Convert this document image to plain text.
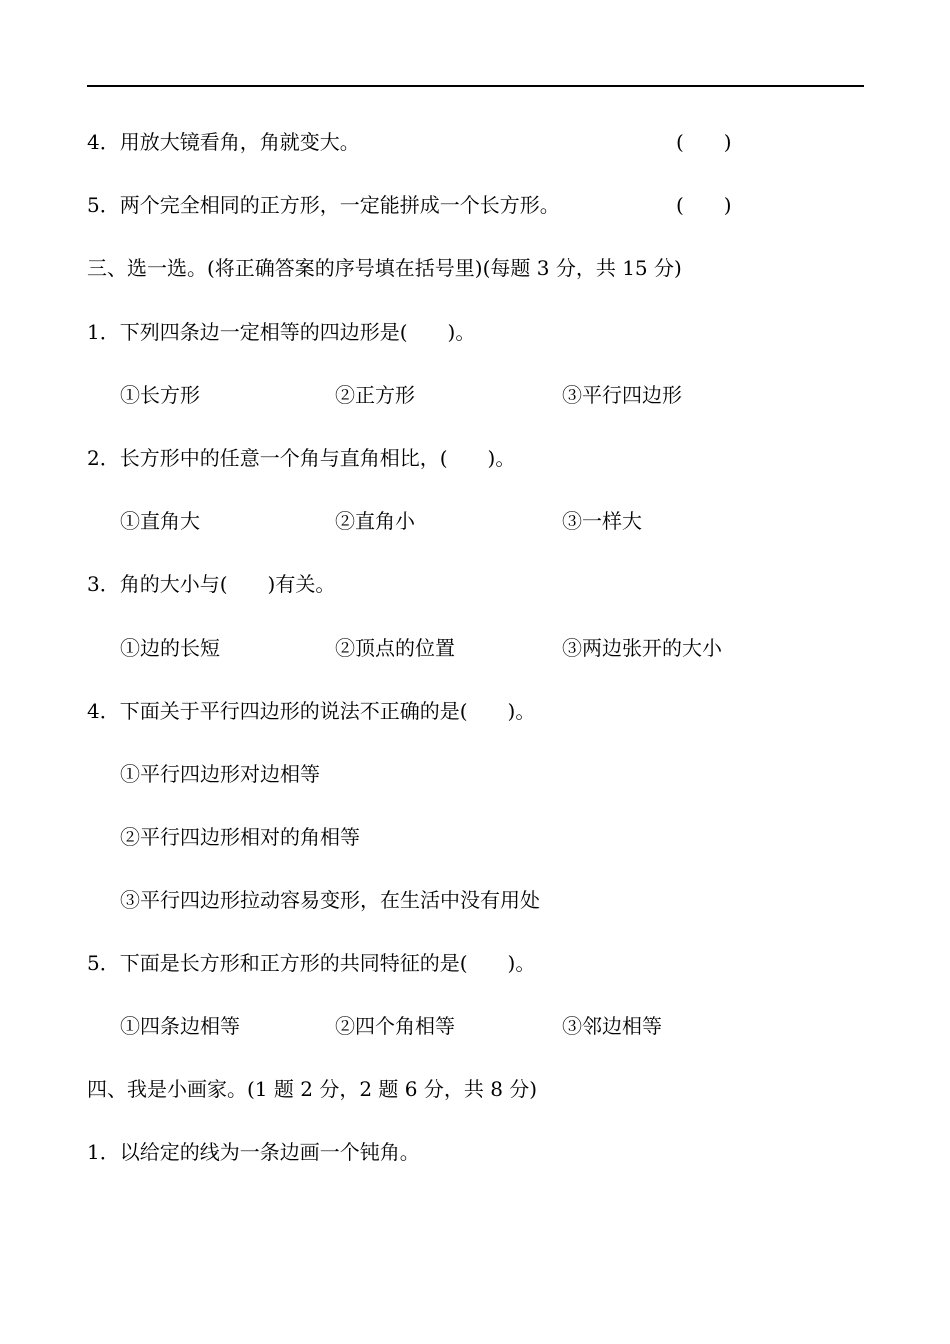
4．用放大镜看角，角就变大。	(　　)
5．两个完全相同的正方形，一定能拼成一个长方形。	(　　)
三、选一选。(将正确答案的序号填在括号里)(每题 3 分，共 15 分)
1．下列四条边一定相等的四边形是(　　)。
①长方形	②正方形	③平行四边形
2．长方形中的任意一个角与直角相比，(　　)。
①直角大	②直角小	③一样大
3．角的大小与(　　)有关。
①边的长短	②顶点的位置	③两边张开的大小
4．下面关于平行四边形的说法不正确的是(　　)。
①平行四边形对边相等
②平行四边形相对的角相等
③平行四边形拉动容易变形，在生活中没有用处
5．下面是长方形和正方形的共同特征的是(　　)。
①四条边相等	②四个角相等	③邻边相等
四、我是小画家。(1 题 2 分，2 题 6 分，共 8 分)
1．以给定的线为一条边画一个钝角。
